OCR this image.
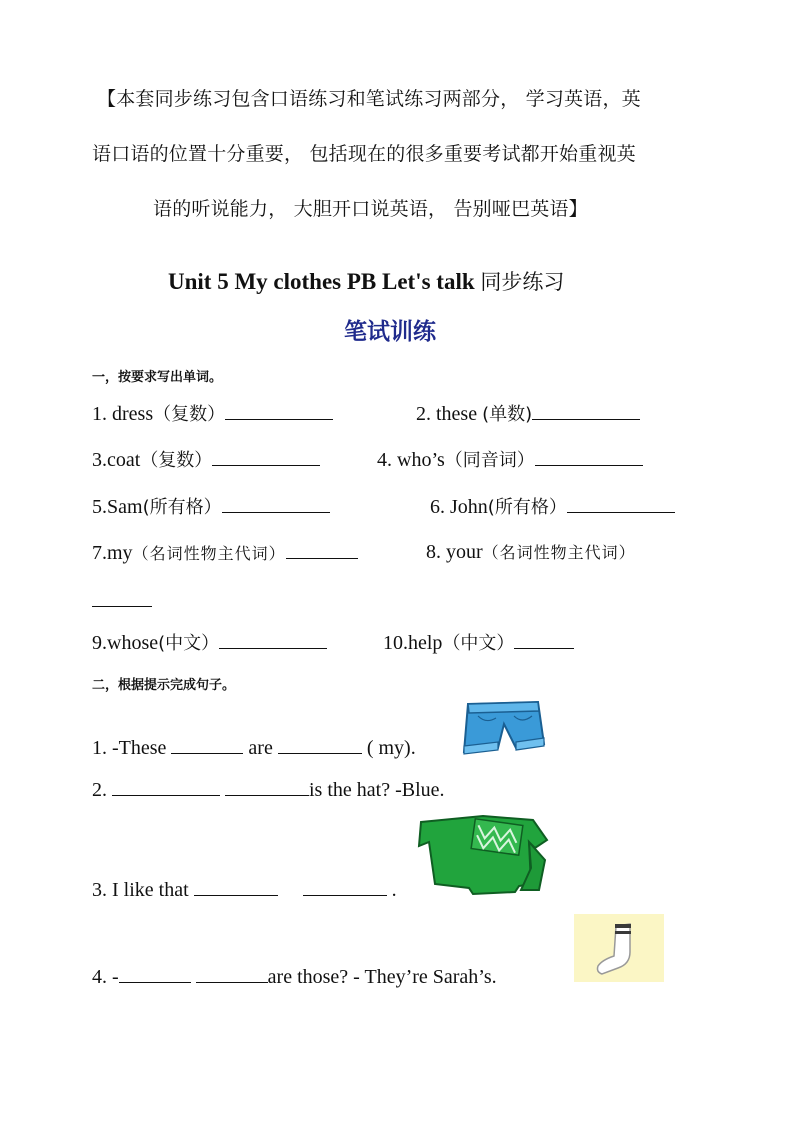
【本套同步练习包含口语练习和笔试练习两部分， 学习英语，英
语口语的位置十分重要， 包括现在的很多重要考试都开始重视英
语的听说能力， 大胆开口说英语， 告别哑巴英语】
Unit 5 My clothes PB Let's talk 同步练习
笔试训练
一，按要求写出单词。
1. dress（复数）	2. these (单数)
3.coat（复数）	4. who’s（同音词）
5.Sam(所有格）	6. John(所有格）
7.my（名词性物主代词）	8. your（名词性物主代词）
9.whose(中文）	10.help（中文）
二，根据提示完成句子。
1. -These	are	( my).
2.	is the hat? -Blue.
3. I like that	.
4. -	are those? - They’re Sarah’s.
